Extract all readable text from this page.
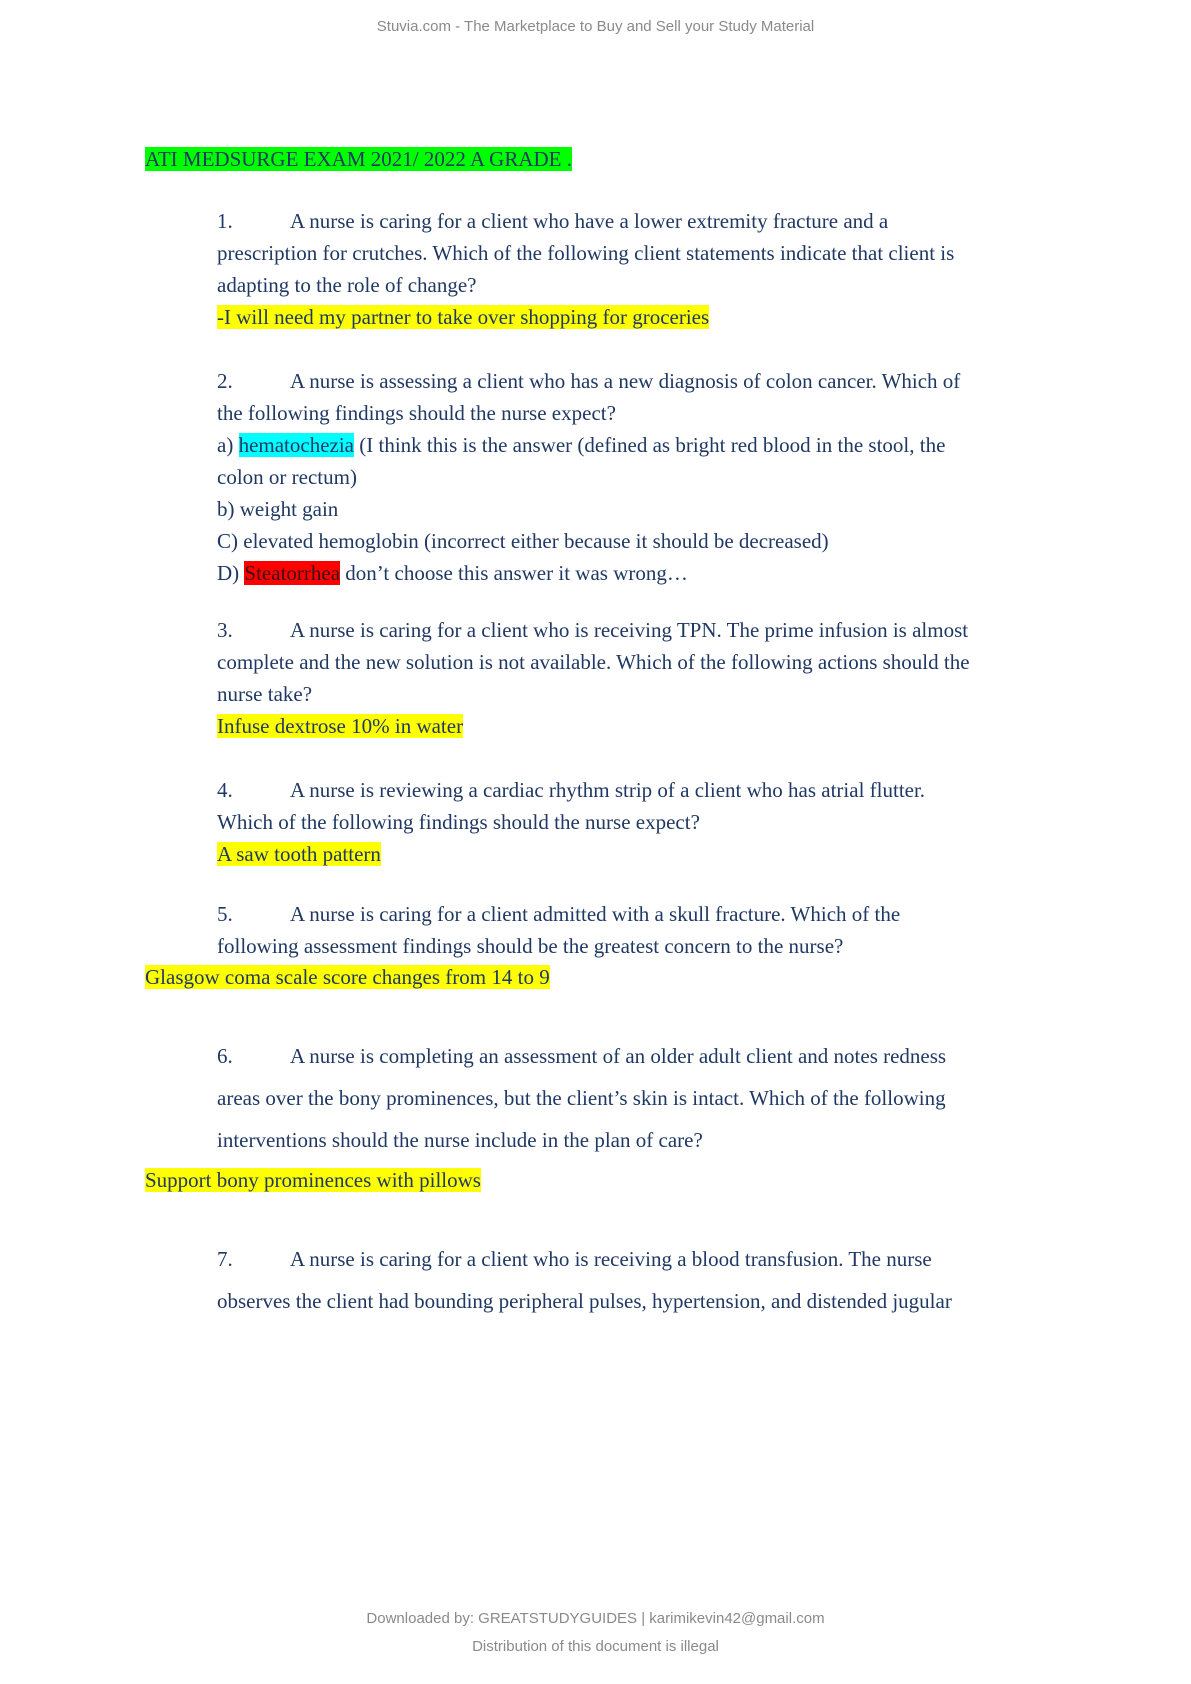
Stuvia.com - The Marketplace to Buy and Sell your Study Material
ATI MEDSURGE EXAM 2021/ 2022 A GRADE .
1.	A nurse is caring for a client who have a lower extremity fracture and a
prescription for crutches. Which of the following client statements indicate that client is
adapting to the role of change?
-I will need my partner to take over shopping for groceries
2.	A nurse is assessing a client who has a new diagnosis of colon cancer. Which of
the following findings should the nurse expect?
a) hematochezia (I think this is the answer (defined as bright red blood in the stool, the
colon or rectum)
b) weight gain
C) elevated hemoglobin (incorrect either because it should be decreased)
D) Steatorrhea don’t choose this answer it was wrong…
3.	A nurse is caring for a client who is receiving TPN. The prime infusion is almost
complete and the new solution is not available. Which of the following actions should the
nurse take?
Infuse dextrose 10% in water
4.	A nurse is reviewing a cardiac rhythm strip of a client who has atrial flutter.
Which of the following findings should the nurse expect?
A saw tooth pattern
5.	A nurse is caring for a client admitted with a skull fracture. Which of the
following assessment findings should be the greatest concern to the nurse?
Glasgow coma scale score changes from 14 to 9
6.	A nurse is completing an assessment of an older adult client and notes redness
areas over the bony prominences, but the client’s skin is intact. Which of the following
interventions should the nurse include in the plan of care?
Support bony prominences with pillows
7.	A nurse is caring for a client who is receiving a blood transfusion. The nurse
observes the client had bounding peripheral pulses, hypertension, and distended jugular
Downloaded by: GREATSTUDYGUIDES | karimikevin42@gmail.com
Distribution of this document is illegal
